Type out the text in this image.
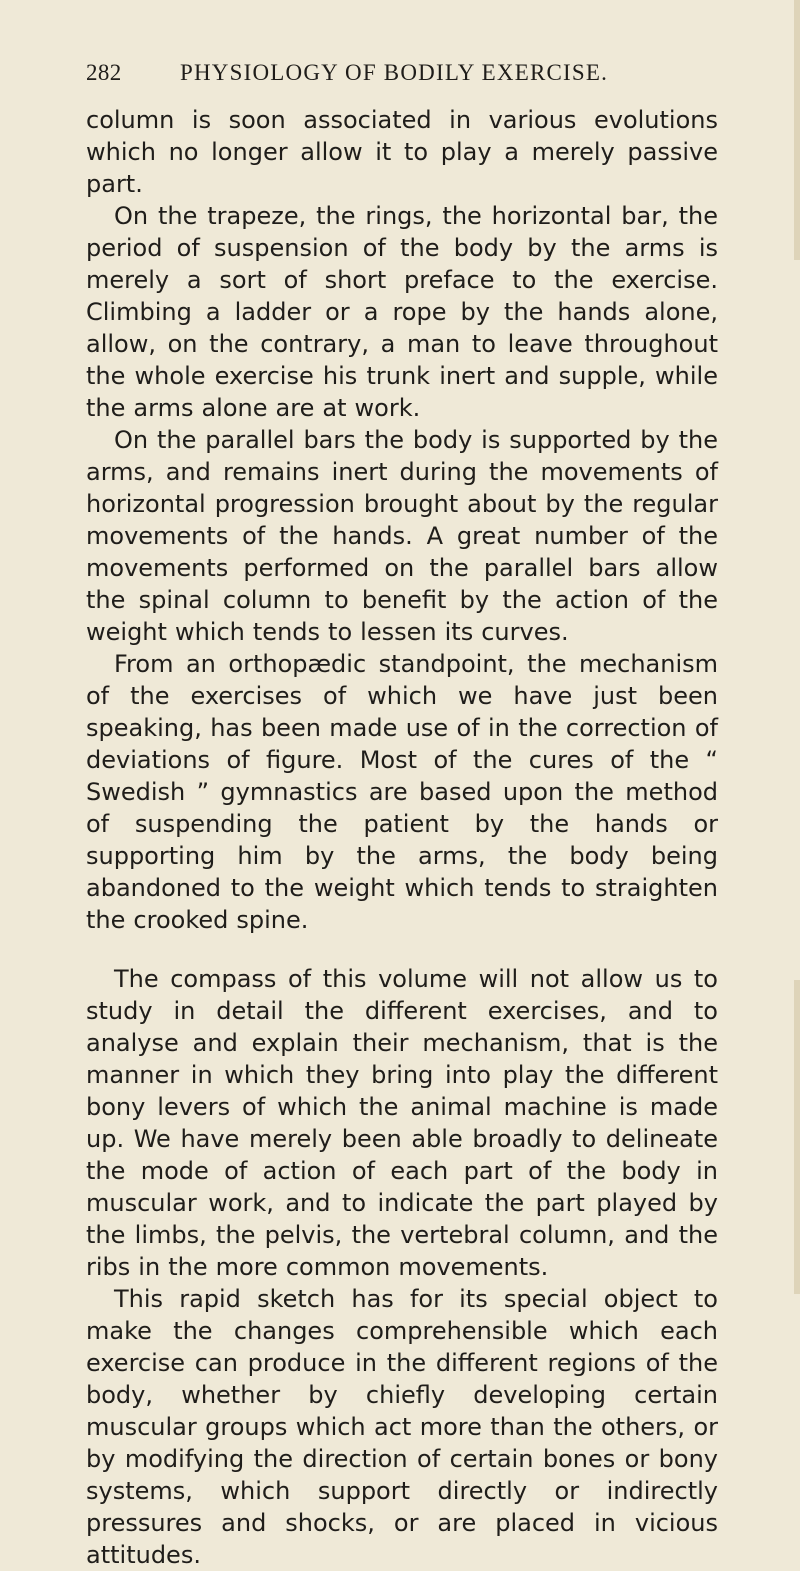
282	PHYSIOLOGY OF BODILY EXERCISE.

column is soon associated in various evolutions which no longer allow it to play a merely passive part.

On the trapeze, the rings, the horizontal bar, the period of suspension of the body by the arms is merely a sort of short preface to the exercise. Climbing a ladder or a rope by the hands alone, allow, on the contrary, a man to leave throughout the whole exercise his trunk inert and supple, while the arms alone are at work.

On the parallel bars the body is supported by the arms, and remains inert during the movements of horizontal progression brought about by the regular movements of the hands. A great number of the movements performed on the parallel bars allow the spinal column to benefit by the action of the weight which tends to lessen its curves.

From an orthopædic standpoint, the mechanism of the exercises of which we have just been speaking, has been made use of in the correction of deviations of figure. Most of the cures of the “ Swedish ” gymnastics are based upon the method of suspending the patient by the hands or supporting him by the arms, the body being abandoned to the weight which tends to straighten the crooked spine.

The compass of this volume will not allow us to study in detail the different exercises, and to analyse and explain their mechanism, that is the manner in which they bring into play the different bony levers of which the animal machine is made up. We have merely been able broadly to delineate the mode of action of each part of the body in muscular work, and to indicate the part played by the limbs, the pelvis, the vertebral column, and the ribs in the more common movements.

This rapid sketch has for its special object to make the changes comprehensible which each exercise can produce in the different regions of the body, whether by chiefly developing certain muscular groups which act more than the others, or by modifying the direction of certain bones or bony systems, which support directly or indirectly pressures and shocks, or are placed in vicious attitudes.
